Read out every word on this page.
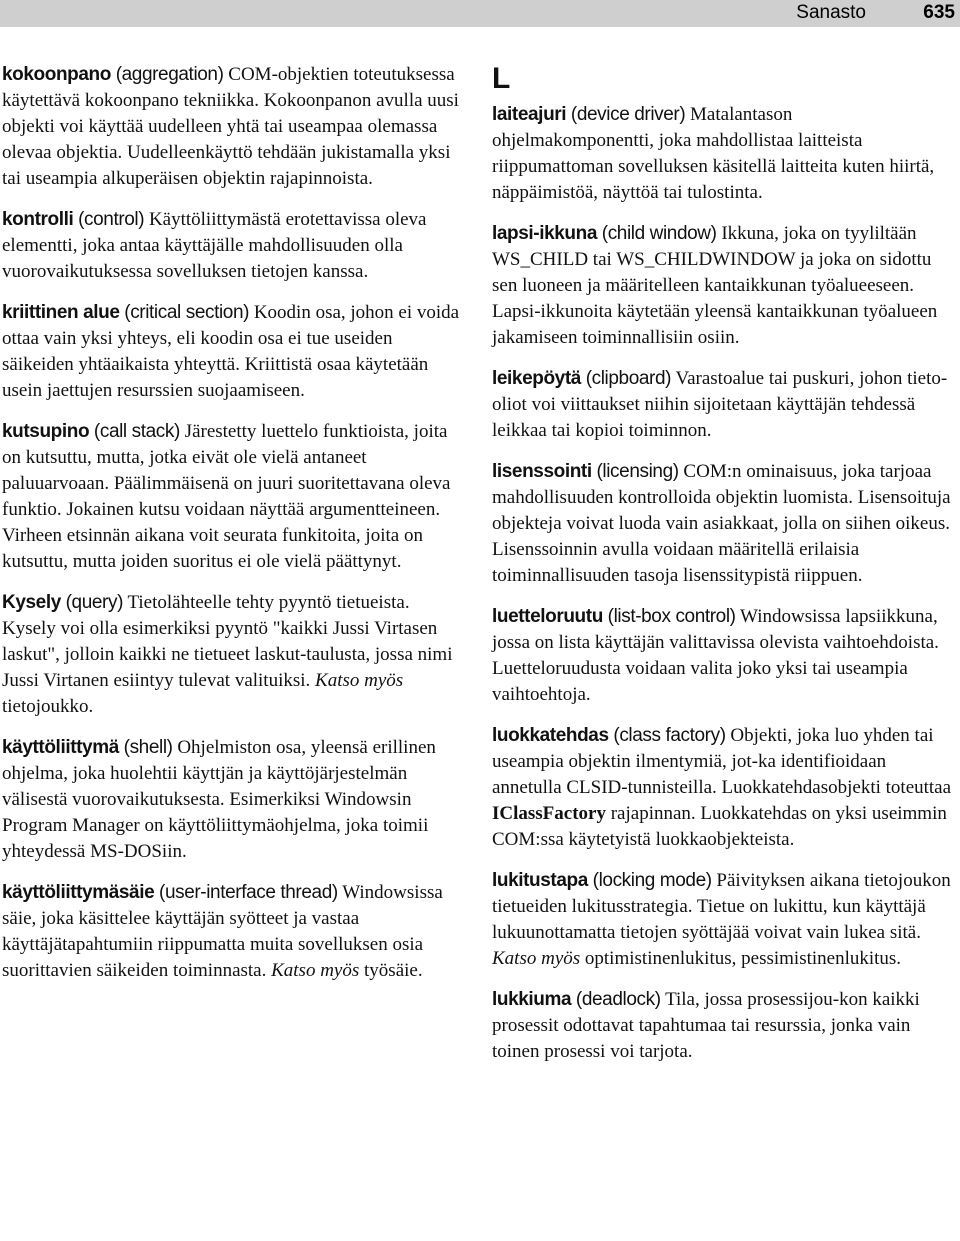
Sanasto	635

kokoonpano (aggregation) COM-objektien toteutuksessa käytettävä kokoonpano tekniikka. Kokoonpanon avulla uusi objekti voi käyttää uudelleen yhtä tai useampaa olemassa olevaa objektia. Uudelleenkäyttö tehdään jukistamalla yksi tai useampia alkuperäisen objektin rajapinnoista.

kontrolli (control) Käyttöliittymästä erotettavissa oleva elementti, joka antaa käyttäjälle mahdollisuuden olla vuorovaikutuksessa sovelluksen tietojen kanssa.

kriittinen alue (critical section) Koodin osa, johon ei voida ottaa vain yksi yhteys, eli koodin osa ei tue useiden säikeiden yhtäaikaista yhteyttä. Kriittistä osaa käytetään usein jaettujen resurssien suojaamiseen.

kutsupino (call stack) Järestetty luettelo funktioista, joita on kutsuttu, mutta, jotka eivät ole vielä antaneet paluuarvoaan. Päälimmäisenä on juuri suoritettavana oleva funktio. Jokainen kutsu voidaan näyttää argumentteineen. Virheen etsinnän aikana voit seurata funkitoita, joita on kutsuttu, mutta joiden suoritus ei ole vielä päättynyt.

Kysely (query) Tietolähteelle tehty pyyntö tietueista. Kysely voi olla esimerkiksi pyyntö "kaikki Jussi Virtasen laskut", jolloin kaikki ne tietueet laskut-taulusta, jossa nimi Jussi Virtanen esiintyy tulevat valituiksi. Katso myös tietojoukko.

käyttöliittymä (shell) Ohjelmiston osa, yleensä erillinen ohjelma, joka huolehtii käyttjän ja käyttöjärjestelmän välisestä vuorovaikutuksesta. Esimerkiksi Windowsin Program Manager on käyttöliittymäohjelma, joka toimii yhteydessä MS-DOSiin.

käyttöliittymäsäie (user-interface thread) Windowsissa säie, joka käsittelee käyttäjän syötteet ja vastaa käyttäjätapahtumiin riippumatta muita sovelluksen osia suorittavien säikeiden toiminnasta. Katso myös työsäie.

L

laiteajuri (device driver) Matalantason ohjelmakomponentti, joka mahdollistaa laitteista riippumattoman sovelluksen käsitellä laitteita kuten hiirtä, näppäimistöä, näyttöä tai tulostinta.

lapsi-ikkuna (child window) Ikkuna, joka on tyyliltään WS_CHILD tai WS_CHILDWINDOW ja joka on sidottu sen luoneen ja määritelleen kantaikkunan työalueeseen. Lapsi-ikkunoita käytetään yleensä kantaikkunan työalueen jakamiseen toiminnallisiin osiin.

leikepöytä (clipboard) Varastoalue tai puskuri, johon tieto-oliot voi viittaukset niihin sijoitetaan käyttäjän tehdessä leikkaa tai kopioi toiminnon.

lisenssointi (licensing) COM:n ominaisuus, joka tarjoaa mahdollisuuden kontrolloida objektin luomista. Lisensoituja objekteja voivat luoda vain asiakkaat, jolla on siihen oikeus. Lisenssoinnin avulla voidaan määritellä erilaisia toiminnallisuuden tasoja lisenssitypistä riippuen.

luetteloruutu (list-box control) Windowsissa lapsiikkuna, jossa on lista käyttäjän valittavissa olevista vaihtoehdoista. Luetteloruudusta voidaan valita joko yksi tai useampia vaihtoehtoja.

luokkatehdas (class factory) Objekti, joka luo yhden tai useampia objektin ilmentymiä, jot-ka identifioidaan annetulla CLSID-tunnisteilla. Luokkatehdasobjekti toteuttaa IClassFactory rajapinnan. Luokkatehdas on yksi useimmin COM:ssa käytetyistä luokkaobjekteista.

lukitustapa (locking mode) Päivityksen aikana tietojoukon tietueiden lukitusstrategia. Tietue on lukittu, kun käyttäjä lukuunottamatta tietojen syöttäjää voivat vain lukea sitä. Katso myös optimistinenlukitus, pessimistinenlukitus.

lukkiuma (deadlock) Tila, jossa prosessijou-kon kaikki prosessit odottavat tapahtumaa tai resurssia, jonka vain toinen prosessi voi tarjota.
